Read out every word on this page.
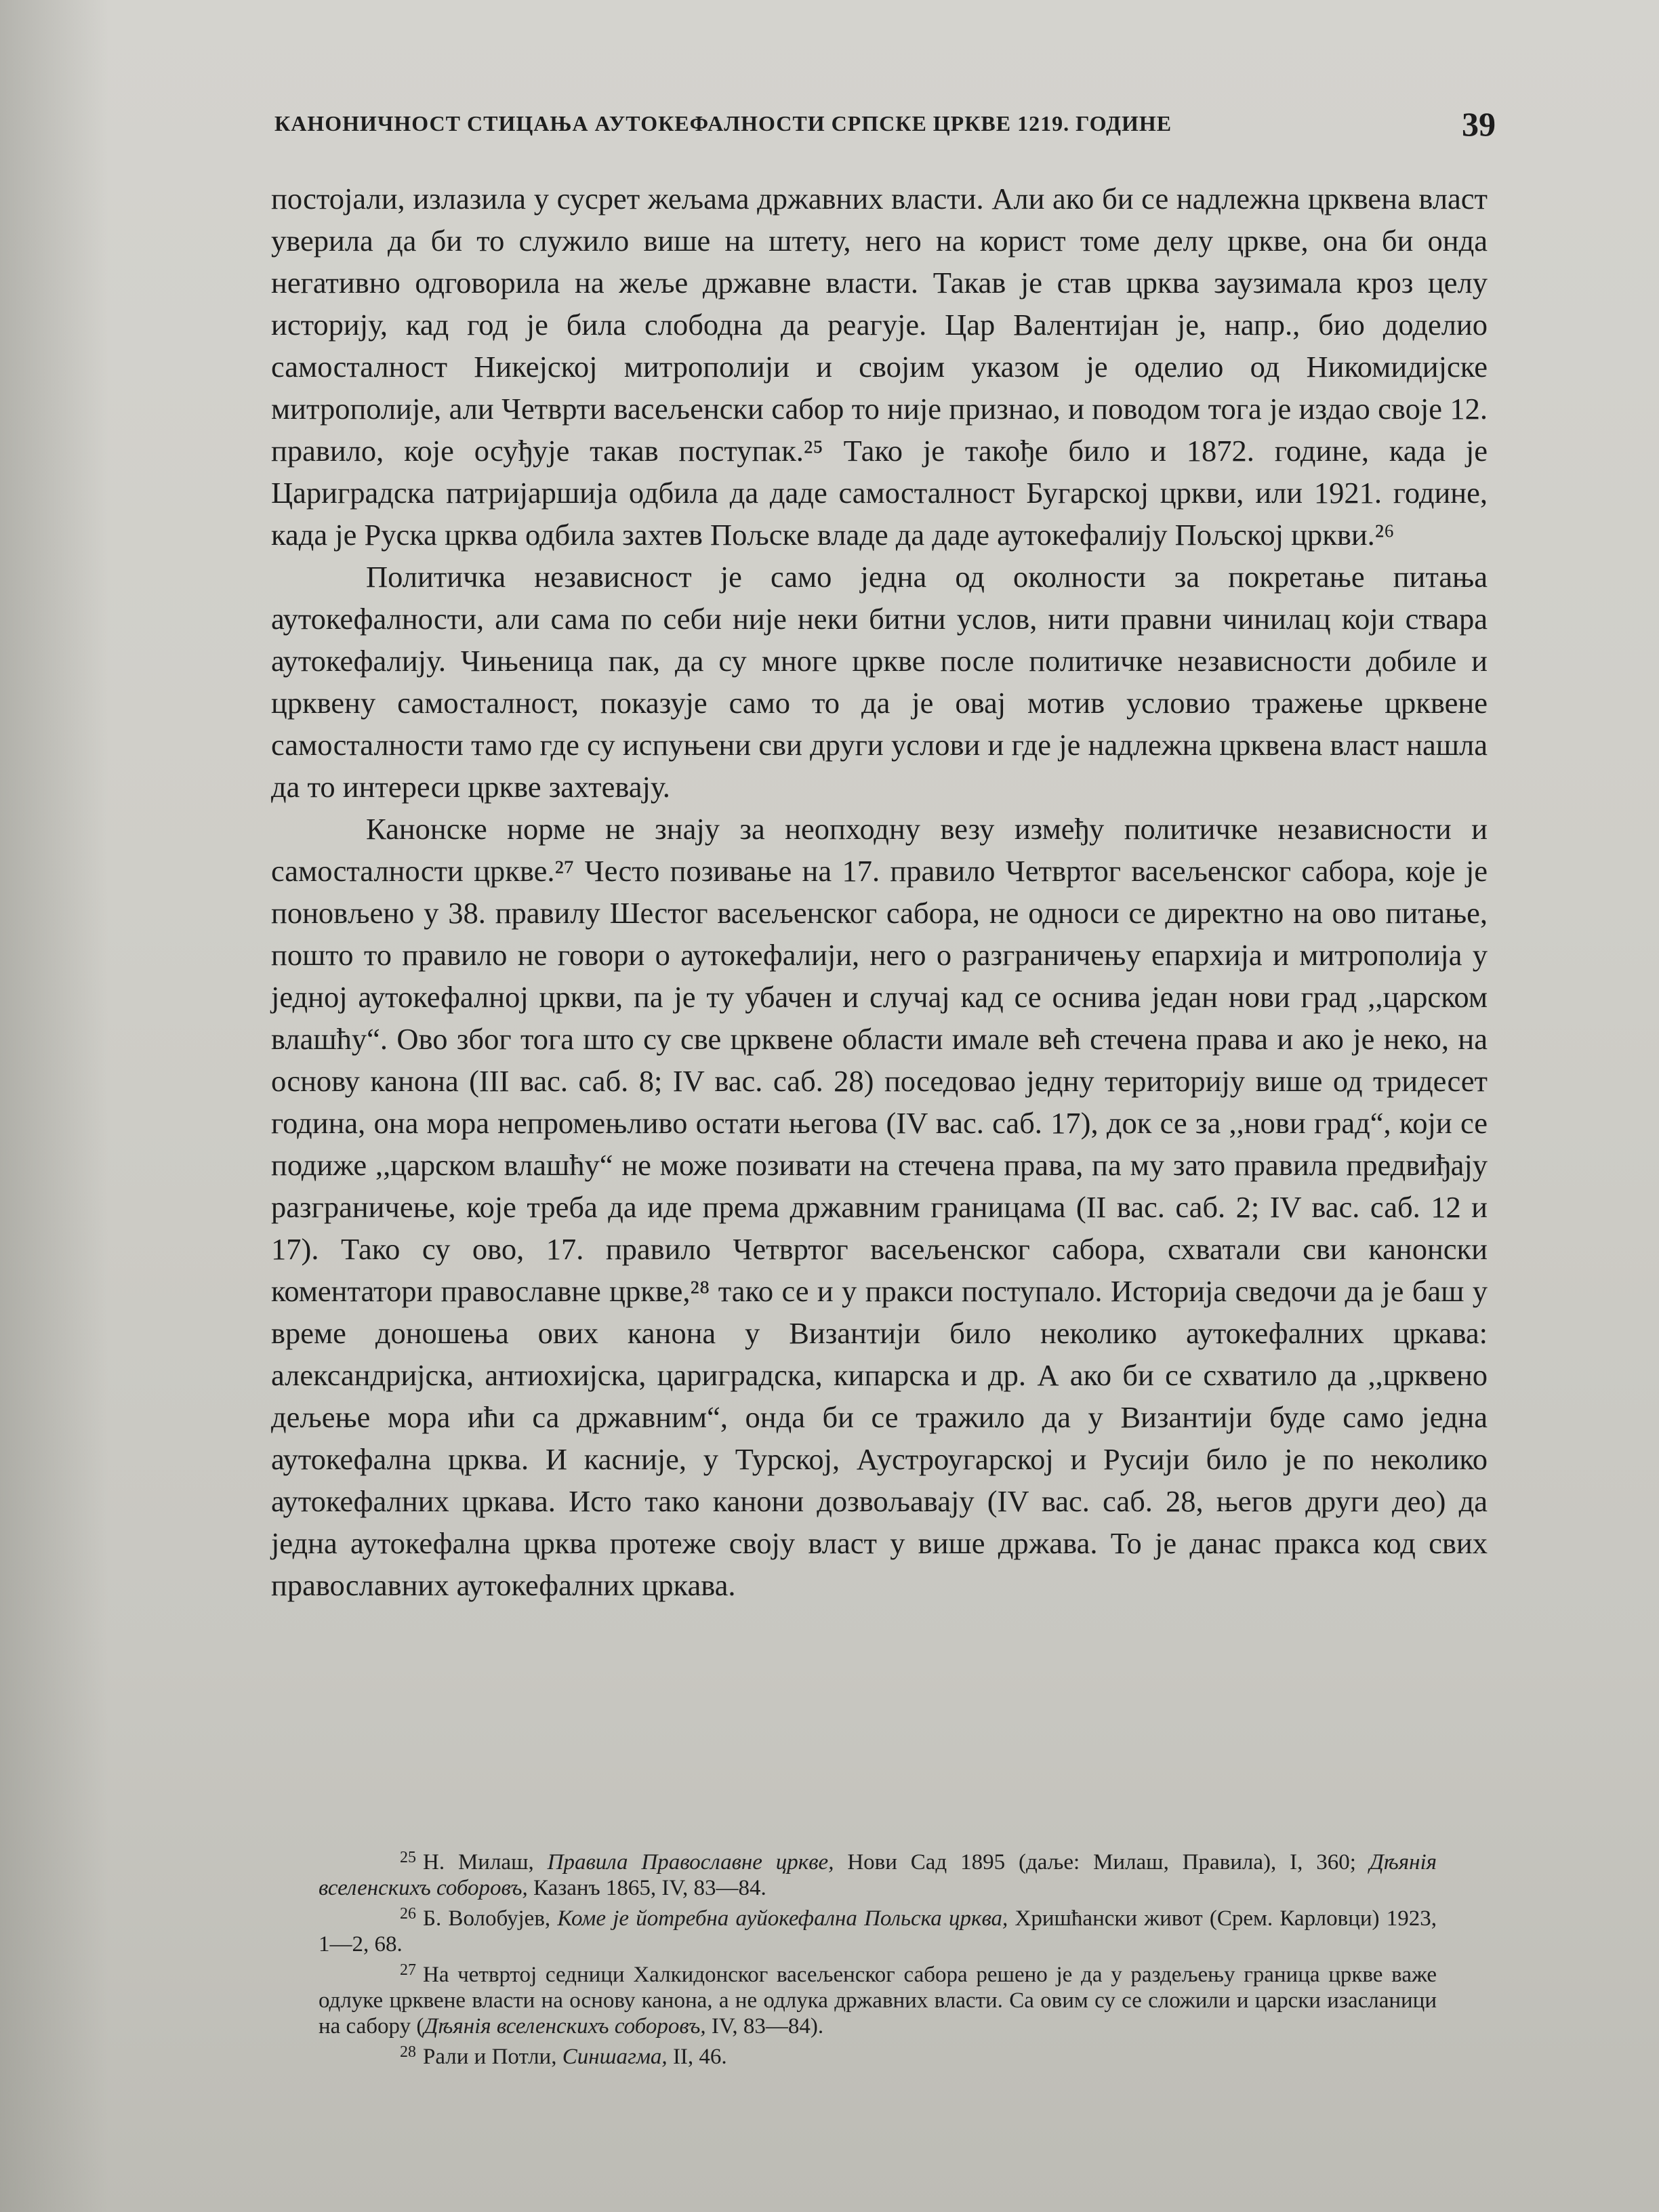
КАНОНИЧНОСТ СТИЦАЊА АУТОКЕФАЛНОСТИ СРПСКЕ ЦРКВЕ 1219. ГОДИНЕ	39

постојали, излазила у сусрет жељама државних власти. Али ако би се надлежна црквена власт уверила да би то служило више на штету, него на корист томе делу цркве, она би онда негативно одговорила на жеље државне власти. Такав је став црква заузимала кроз целу историју, кад год је била слободна да реагује. Цар Валентијан је, напр., био доделио самосталност Никејској митрополији и својим указом је оделио од Никомидијске митрополије, али Четврти васељенски сабор то није признао, и поводом тога је издао своје 12. правило, које осуђује такав поступак.²⁵ Тако је такође било и 1872. године, када је Цариградска патријаршија одбила да даде самосталност Бугарској цркви, или 1921. године, када је Руска црква одбила захтев Пољске владе да даде аутокефалију Пољској цркви.²⁶

Политичка независност је само једна од околности за покретање питања аутокефалности, али сама по себи није неки битни услов, нити правни чинилац који ствара аутокефалију. Чињеница пак, да су многе цркве после политичке независности добиле и црквену самосталност, показује само то да је овај мотив условио тражење црквене самосталности тамо где су испуњени сви други услови и где је надлежна црквена власт нашла да то интереси цркве захтевају.

Канонске норме не знају за неопходну везу између политичке независности и самосталности цркве.²⁷ Често позивање на 17. правило Четвртог васељенског сабора, које је поновљено у 38. правилу Шестог васељенског сабора, не односи се директно на ово питање, пошто то правило не говори о аутокефалији, него о разграничењу епархија и митрополија у једној аутокефалној цркви, па је ту убачен и случај кад се оснива један нови град ,,царском влашћу“. Ово због тога што су све црквене области имале већ стечена права и ако је неко, на основу канона (III вас. саб. 8; IV вас. саб. 28) поседовао једну територију више од тридесет година, она мора непромењливо остати његова (IV вас. саб. 17), док се за ,,нови град“, који се подиже ,,царском влашћу“ не може позивати на стечена права, па му зато правила предвиђају разграничење, које треба да иде према државним границама (II вас. саб. 2; IV вас. саб. 12 и 17). Тако су ово, 17. правило Четвртог васељенског сабора, схватали сви канонски коментатори православне цркве,²⁸ тако се и у пракси поступало. Историја сведочи да је баш у време доношења ових канона у Византији било неколико аутокефалних цркава: александријска, антиохијска, цариградска, кипарска и др. А ако би се схватило да ,,црквено дељење мора ићи са државним“, онда би се тражило да у Византији буде само једна аутокефална црква. И касније, у Турској, Аустроугарској и Русији било је по неколико аутокефалних цркава. Исто тако канони дозвољавају (IV вас. саб. 28, његов други део) да једна аутокефална црква протеже своју власт у више држава. То је данас пракса код свих православних аутокефалних цркава.

$^{25}$ Н. Милаш, Правила Православне цркве, Нови Сад 1895 (даље: Милаш, Правила), I, 360; Дѣянія вселенскихъ соборовъ, Казанъ 1865, IV, 83—84.

$^{26}$ Б. Волобујев, Коме је йотребна ауйокефална Польска црква, Хришћански живот (Срем. Карловци) 1923, 1—2, 68.

$^{27}$ На четвртој седници Халкидонског васељенског сабора решено је да у раздељењу граница цркве важе одлуке црквене власти на основу канона, а не одлука државних власти. Са овим су се сложили и царски изасланици на сабору (Дѣянія вселенскихъ соборовъ, IV, 83—84).

$^{28}$ Рали и Потли, Синшагма, II, 46.
